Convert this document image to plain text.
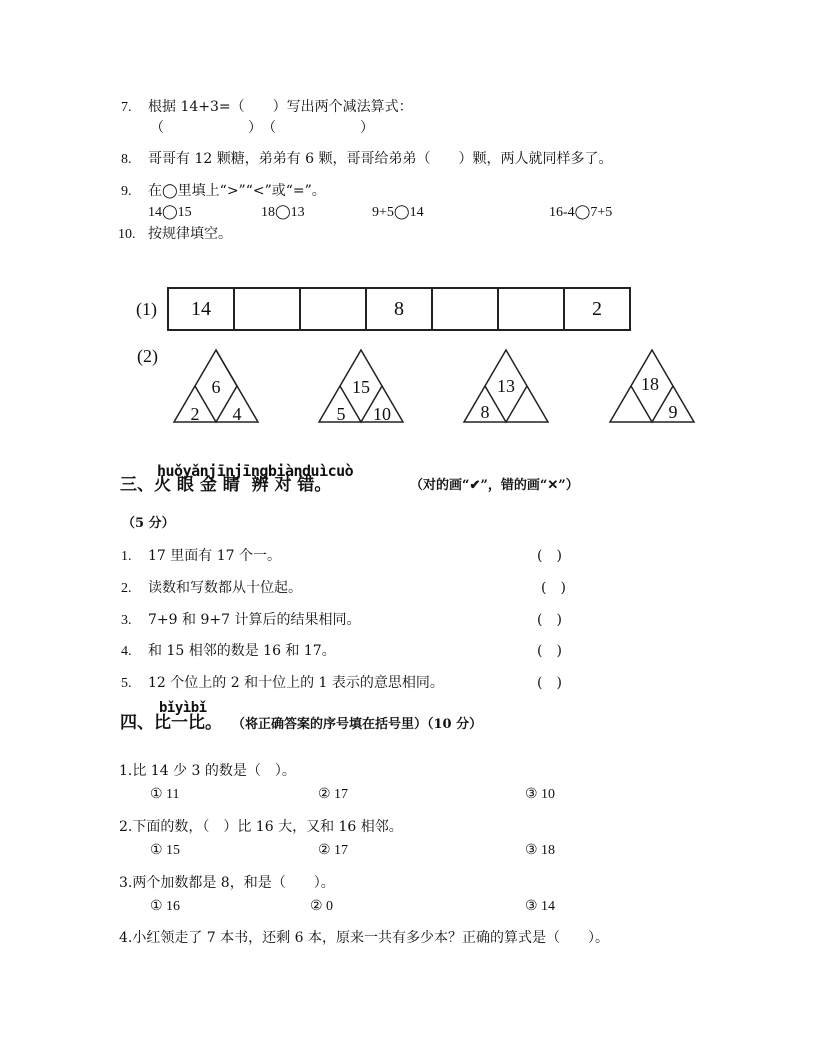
7. 根据 14+3=（　　）写出两个减法算式：
（　　　　　　）　（　　　　　　）
8. 哥哥有 12 颗糖，弟弟有 6 颗，哥哥给弟弟（　　）颗，两人就同样多了。
9. 在◯里填上“>”“<”或“=”。
14◯15	18◯13	9+5◯14	16-4◯7+5
10. 按规律填空。
(1)	14	8	2
(2)
6
2 4
15
5 10
13
8
18
9
huǒyǎnjīnjīngbiànduìcuò
三、火 眼 金 睛  辨 对 错。	（对的画“✔”，错的画“✕”）
（5 分）
1. 17 里面有 17 个一。	(　)
2. 读数和写数都从十位起。	(　)
3. 7+9 和 9+7 计算后的结果相同。	(　)
4. 和 15 相邻的数是 16 和 17。	(　)
5. 12 个位上的 2 和十位上的 1 表示的意思相同。	(　)
bǐyìbǐ
四、比一比。 （将正确答案的序号填在括号里）（10 分）
1.比 14 少 3 的数是（　）。
① 11	② 17	③ 10
2.下面的数，（　）比 16 大，又和 16 相邻。
① 15	② 17	③ 18
3.两个加数都是 8，和是（　　）。
① 16	② 0	③ 14
4.小红领走了 7 本书，还剩 6 本，原来一共有多少本？正确的算式是（　　）。
